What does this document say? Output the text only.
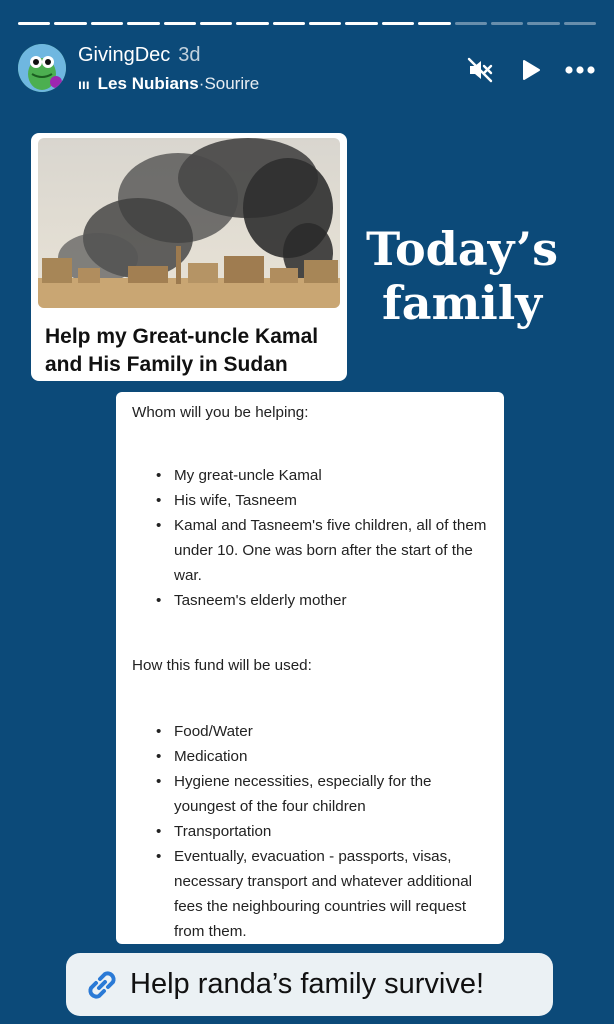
GivingDec 3d
ııı Les Nubians · Sourire
Help my Great-uncle Kamal and His Family in Sudan
Today’s
family
Whom will you be helping:
• My great-uncle Kamal
• His wife, Tasneem
• Kamal and Tasneem's five children, all of them under 10. One was born after the start of the war.
• Tasneem's elderly mother
How this fund will be used:
• Food/Water
• Medication
• Hygiene necessities, especially for the youngest of the four children
• Transportation
• Eventually, evacuation - passports, visas, necessary transport and whatever additional fees the neighbouring countries will request from them.
Help randa’s family survive!
